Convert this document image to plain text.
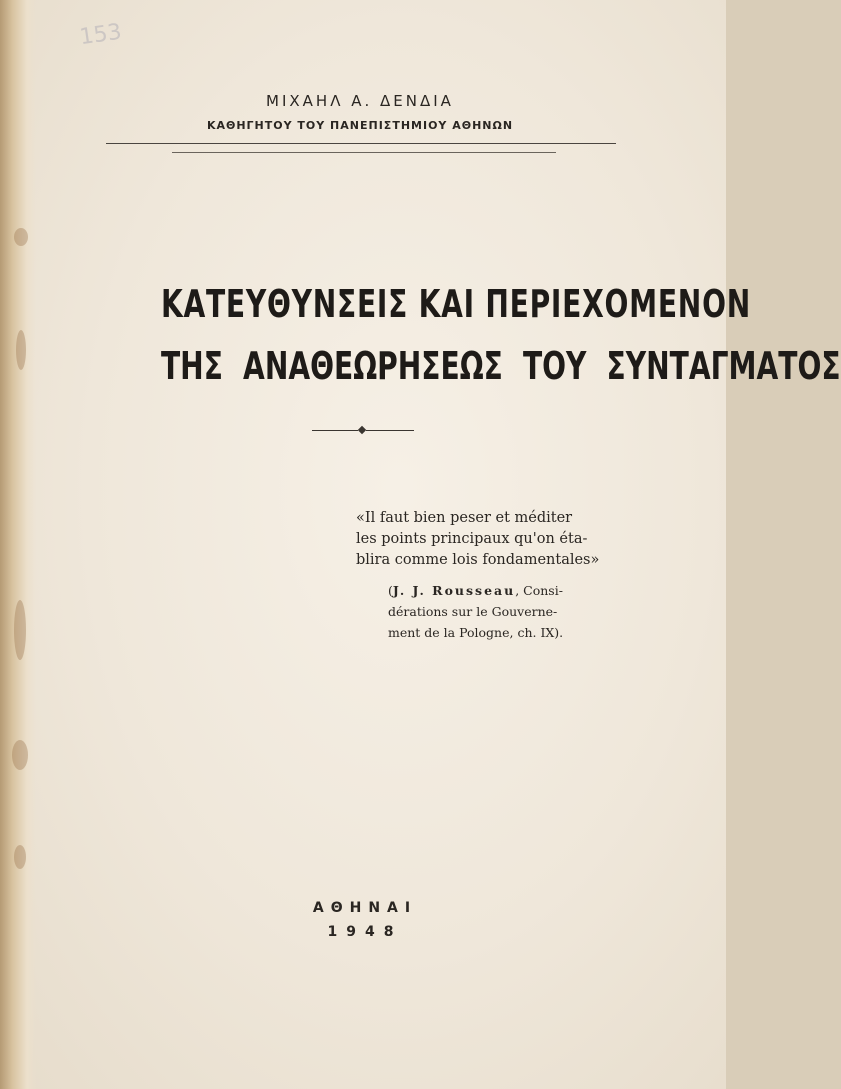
153
ΜΙΧΑΗΛ Α. ΔΕΝΔΙΑ
ΚΑΘΗΓΗΤΟΥ ΤΟΥ ΠΑΝΕΠΙΣΤΗΜΙΟΥ ΑΘΗΝΩΝ
ΚΑΤΕΥΘΥΝΣΕΙΣ ΚΑΙ ΠΕΡΙΕΧΟΜΕΝΟΝ
ΤΗΣ ΑΝΑΘΕΩΡΗΣΕΩΣ ΤΟΥ ΣΥΝΤΑΓΜΑΤΟΣ
«Il faut bien peser et méditer
les points principaux qu'on éta-
blira comme lois fondamentales»
(J. J. Rousseau, Consi-
dérations sur le Gouverne-
ment de la Pologne, ch. IX).
ΑΘΗΝΑΙ
1948
